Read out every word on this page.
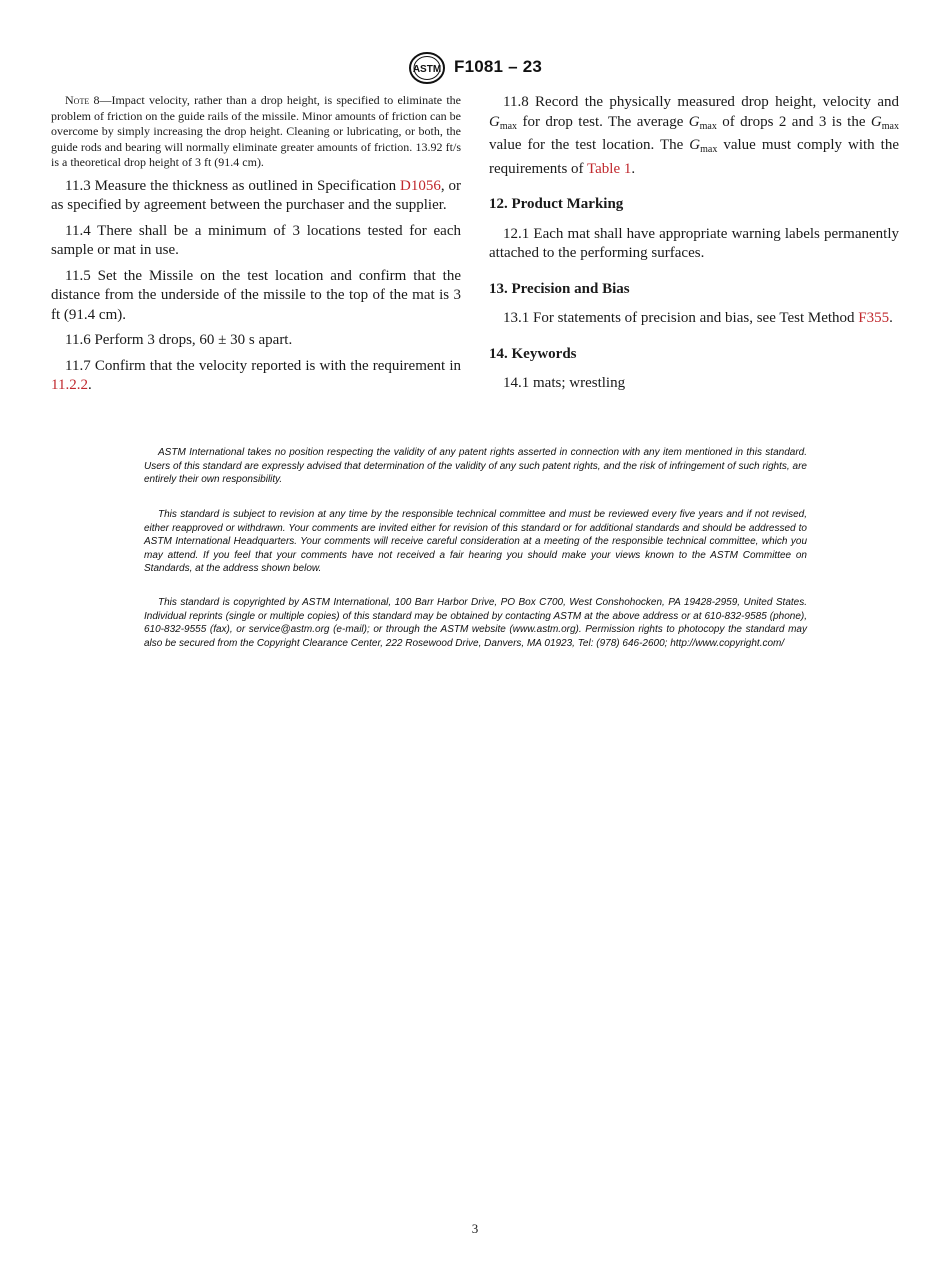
ASTM F1081 – 23

Note 8—Impact velocity, rather than a drop height, is specified to eliminate the problem of friction on the guide rails of the missile. Minor amounts of friction can be overcome by simply increasing the drop height. Cleaning or lubricating, or both, the guide rods and bearing will normally eliminate greater amounts of friction. 13.92 ft/s is a theoretical drop height of 3 ft (91.4 cm).

11.3 Measure the thickness as outlined in Specification D1056, or as specified by agreement between the purchaser and the supplier.

11.4 There shall be a minimum of 3 locations tested for each sample or mat in use.

11.5 Set the Missile on the test location and confirm that the distance from the underside of the missile to the top of the mat is 3 ft (91.4 cm).

11.6 Perform 3 drops, 60 ± 30 s apart.

11.7 Confirm that the velocity reported is with the requirement in 11.2.2.

11.8 Record the physically measured drop height, velocity and $G_{max}$ for drop test. The average $G_{max}$ of drops 2 and 3 is the $G_{max}$ value for the test location. The $G_{max}$ value must comply with the requirements of Table 1.

12. Product Marking

12.1 Each mat shall have appropriate warning labels permanently attached to the performing surfaces.

13. Precision and Bias

13.1 For statements of precision and bias, see Test Method F355.

14. Keywords

14.1 mats; wrestling

ASTM International takes no position respecting the validity of any patent rights asserted in connection with any item mentioned in this standard. Users of this standard are expressly advised that determination of the validity of any such patent rights, and the risk of infringement of such rights, are entirely their own responsibility.

This standard is subject to revision at any time by the responsible technical committee and must be reviewed every five years and if not revised, either reapproved or withdrawn. Your comments are invited either for revision of this standard or for additional standards and should be addressed to ASTM International Headquarters. Your comments will receive careful consideration at a meeting of the responsible technical committee, which you may attend. If you feel that your comments have not received a fair hearing you should make your views known to the ASTM Committee on Standards, at the address shown below.

This standard is copyrighted by ASTM International, 100 Barr Harbor Drive, PO Box C700, West Conshohocken, PA 19428-2959, United States. Individual reprints (single or multiple copies) of this standard may be obtained by contacting ASTM at the above address or at 610-832-9585 (phone), 610-832-9555 (fax), or service@astm.org (e-mail); or through the ASTM website (www.astm.org). Permission rights to photocopy the standard may also be secured from the Copyright Clearance Center, 222 Rosewood Drive, Danvers, MA 01923, Tel: (978) 646-2600; http://www.copyright.com/

3
